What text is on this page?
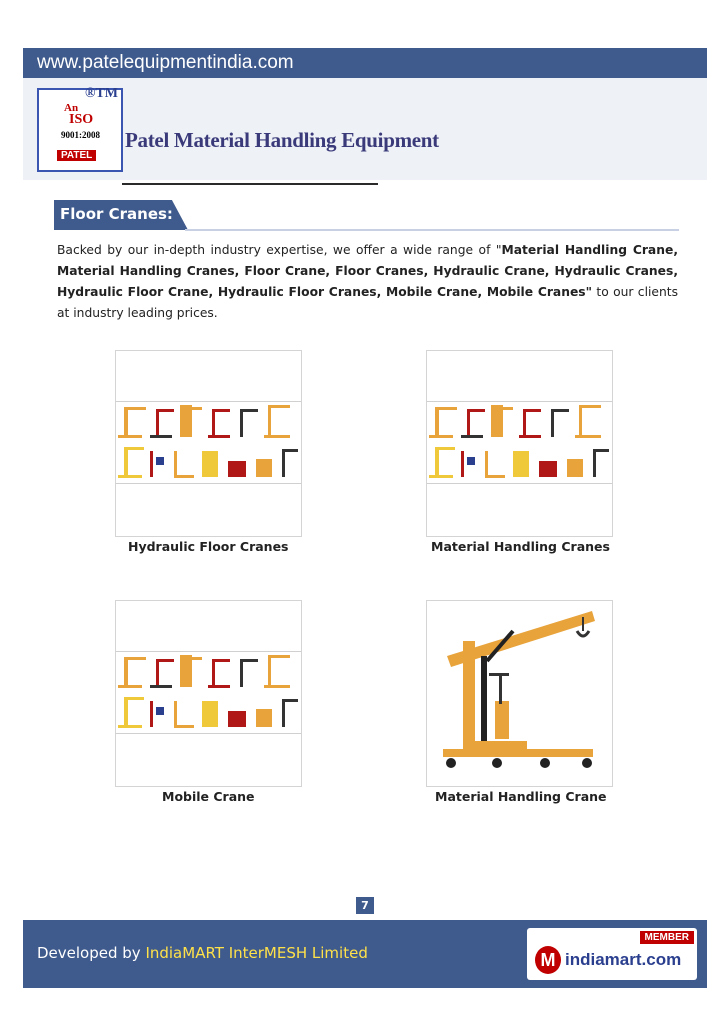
www.patelequipmentindia.com
®TM
An
ISO
9001:2008
PATEL
Patel Material Handling Equipment
Floor Cranes:
Backed by our in-depth industry expertise, we offer a wide range of "Material Handling Crane, Material Handling Cranes, Floor Crane, Floor Cranes, Hydraulic Crane, Hydraulic Cranes, Hydraulic Floor Crane, Hydraulic Floor Cranes, Mobile Crane, Mobile Cranes" to our clients at industry leading prices.
Hydraulic Floor Cranes	Material Handling Cranes
Mobile Crane	Material Handling Crane
7
Developed by IndiaMART InterMESH Limited
MEMBER
M indiamart.com
